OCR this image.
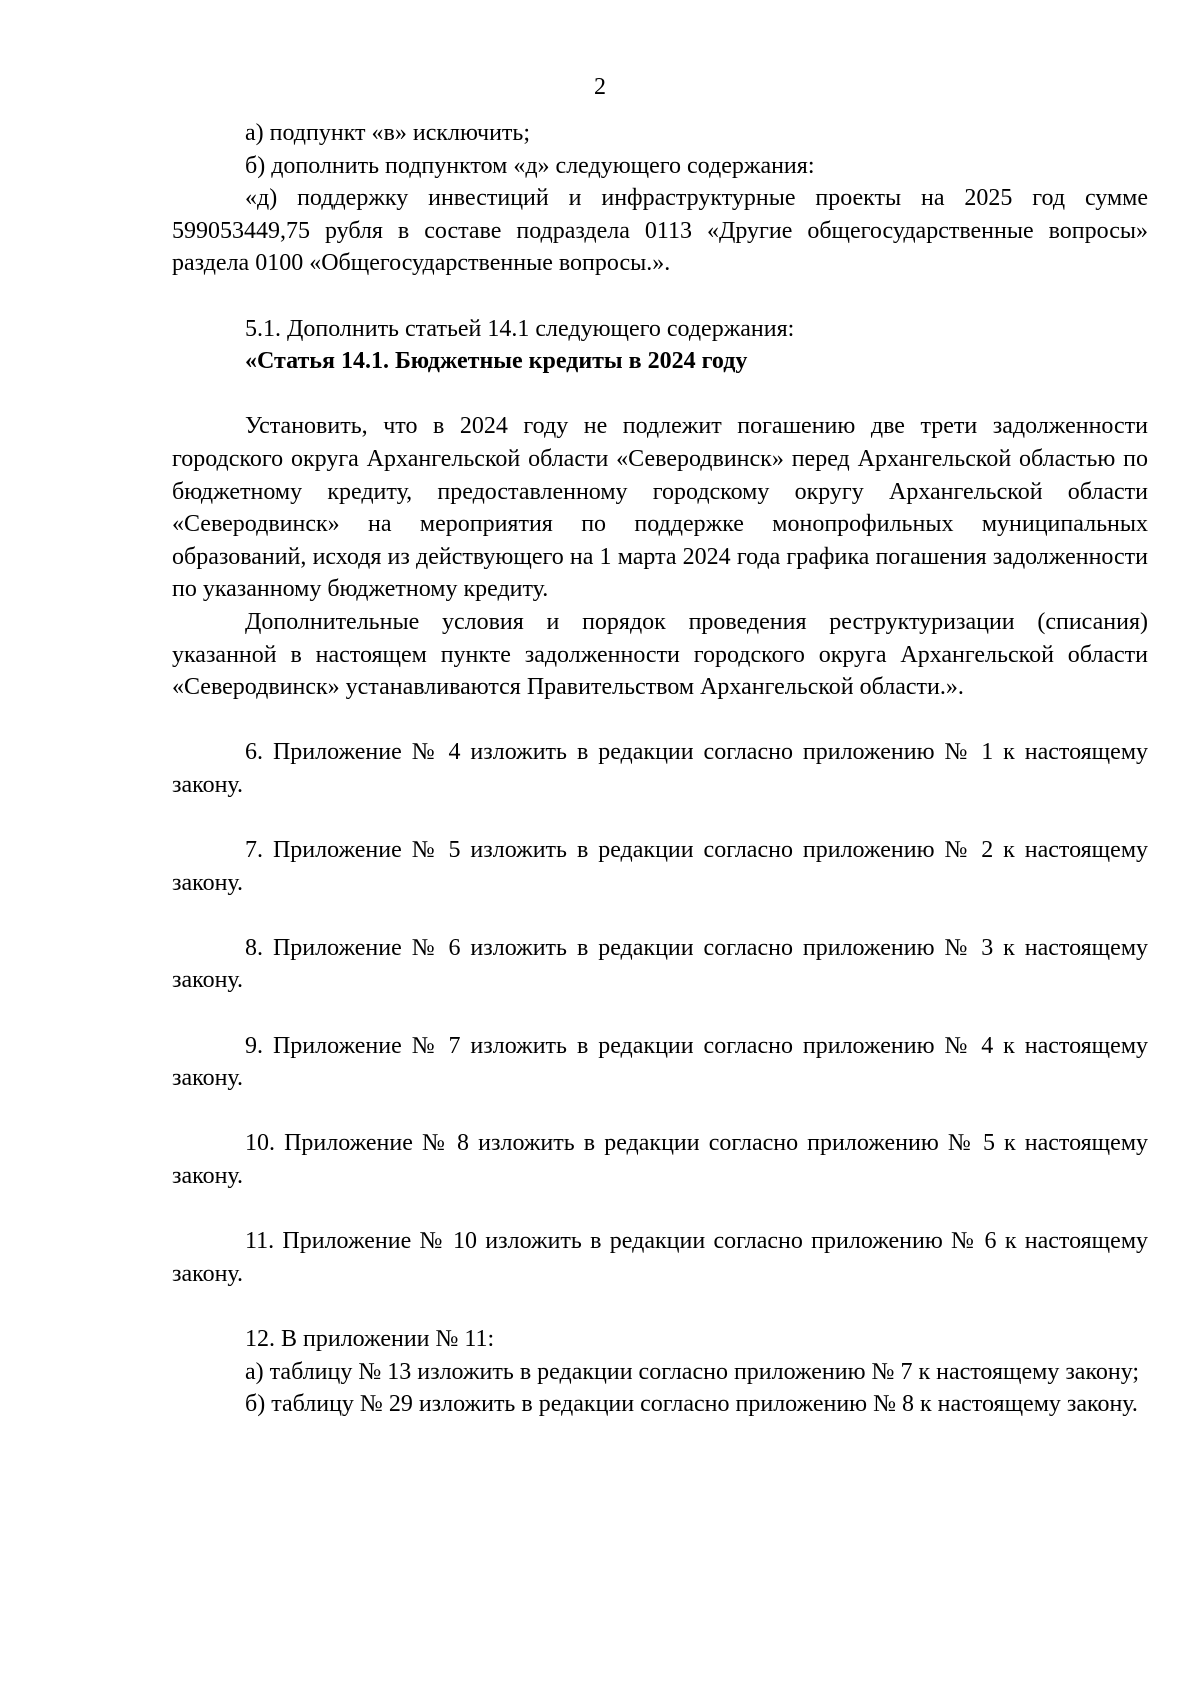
2

а) подпункт «в» исключить;

б) дополнить подпунктом «д» следующего содержания:

«д) поддержку инвестиций и инфраструктурные проекты на 2025 год сумме 599053449,75 рубля в составе подраздела 0113 «Другие общегосударственные вопросы» раздела 0100 «Общегосударственные вопросы.».

5.1. Дополнить статьей 14.1 следующего содержания:

«Статья 14.1. Бюджетные кредиты в 2024 году

Установить, что в 2024 году не подлежит погашению две трети задолженности городского округа Архангельской области «Северодвинск» перед Архангельской областью по бюджетному кредиту, предоставленному городскому округу Архангельской области «Северодвинск» на мероприятия по поддержке монопрофильных муниципальных образований, исходя из действующего на 1 марта 2024 года графика погашения задолженности по указанному бюджетному кредиту.

Дополнительные условия и порядок проведения реструктуризации (списания) указанной в настоящем пункте задолженности городского округа Архангельской области «Северодвинск» устанавливаются Правительством Архангельской области.».

6. Приложение № 4 изложить в редакции согласно приложению № 1 к настоящему закону.

7. Приложение № 5 изложить в редакции согласно приложению № 2 к настоящему закону.

8. Приложение № 6 изложить в редакции согласно приложению № 3 к настоящему закону.

9. Приложение № 7 изложить в редакции согласно приложению № 4 к настоящему закону.

10. Приложение № 8 изложить в редакции согласно приложению № 5 к настоящему закону.

11. Приложение № 10 изложить в редакции согласно приложению № 6 к настоящему закону.

12. В приложении № 11:

а) таблицу № 13 изложить в редакции согласно приложению № 7 к настоящему закону;

б) таблицу № 29 изложить в редакции согласно приложению № 8 к настоящему закону.
